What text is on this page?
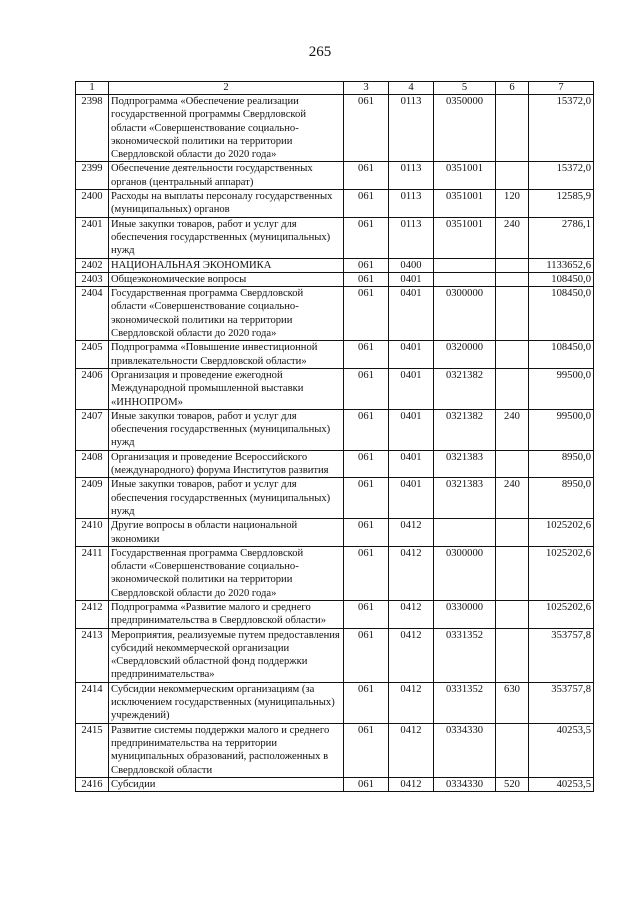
265
1	2	3	4	5	6	7
2398	Подпрограмма «Обеспечение реализации государственной программы Свердловской области «Совершенствование социально-экономической политики на территории Свердловской области до 2020 года»	061	0113	0350000		15372,0
2399	Обеспечение деятельности государственных органов (центральный аппарат)	061	0113	0351001		15372,0
2400	Расходы на выплаты персоналу государственных (муниципальных) органов	061	0113	0351001	120	12585,9
2401	Иные закупки товаров, работ и услуг для обеспечения государственных (муниципальных) нужд	061	0113	0351001	240	2786,1
2402	НАЦИОНАЛЬНАЯ ЭКОНОМИКА	061	0400			1133652,6
2403	Общеэкономические вопросы	061	0401			108450,0
2404	Государственная программа Свердловской области «Совершенствование социально-экономической политики на территории Свердловской области до 2020 года»	061	0401	0300000		108450,0
2405	Подпрограмма «Повышение инвестиционной привлекательности Свердловской области»	061	0401	0320000		108450,0
2406	Организация и проведение ежегодной Международной промышленной выставки «ИННОПРОМ»	061	0401	0321382		99500,0
2407	Иные закупки товаров, работ и услуг для обеспечения государственных (муниципальных) нужд	061	0401	0321382	240	99500,0
2408	Организация и проведение Всероссийского (международного) форума Институтов развития	061	0401	0321383		8950,0
2409	Иные закупки товаров, работ и услуг для обеспечения государственных (муниципальных) нужд	061	0401	0321383	240	8950,0
2410	Другие вопросы в области национальной экономики	061	0412			1025202,6
2411	Государственная программа Свердловской области «Совершенствование социально-экономической политики на территории Свердловской области до 2020 года»	061	0412	0300000		1025202,6
2412	Подпрограмма «Развитие малого и среднего предпринимательства в Свердловской области»	061	0412	0330000		1025202,6
2413	Мероприятия, реализуемые путем предоставления субсидий некоммерческой организации «Свердловский областной фонд поддержки предпринимательства»	061	0412	0331352		353757,8
2414	Субсидии некоммерческим организациям (за исключением государственных (муниципальных) учреждений)	061	0412	0331352	630	353757,8
2415	Развитие системы поддержки малого и среднего предпринимательства на территории муниципальных образований, расположенных в Свердловской области	061	0412	0334330		40253,5
2416	Субсидии	061	0412	0334330	520	40253,5
